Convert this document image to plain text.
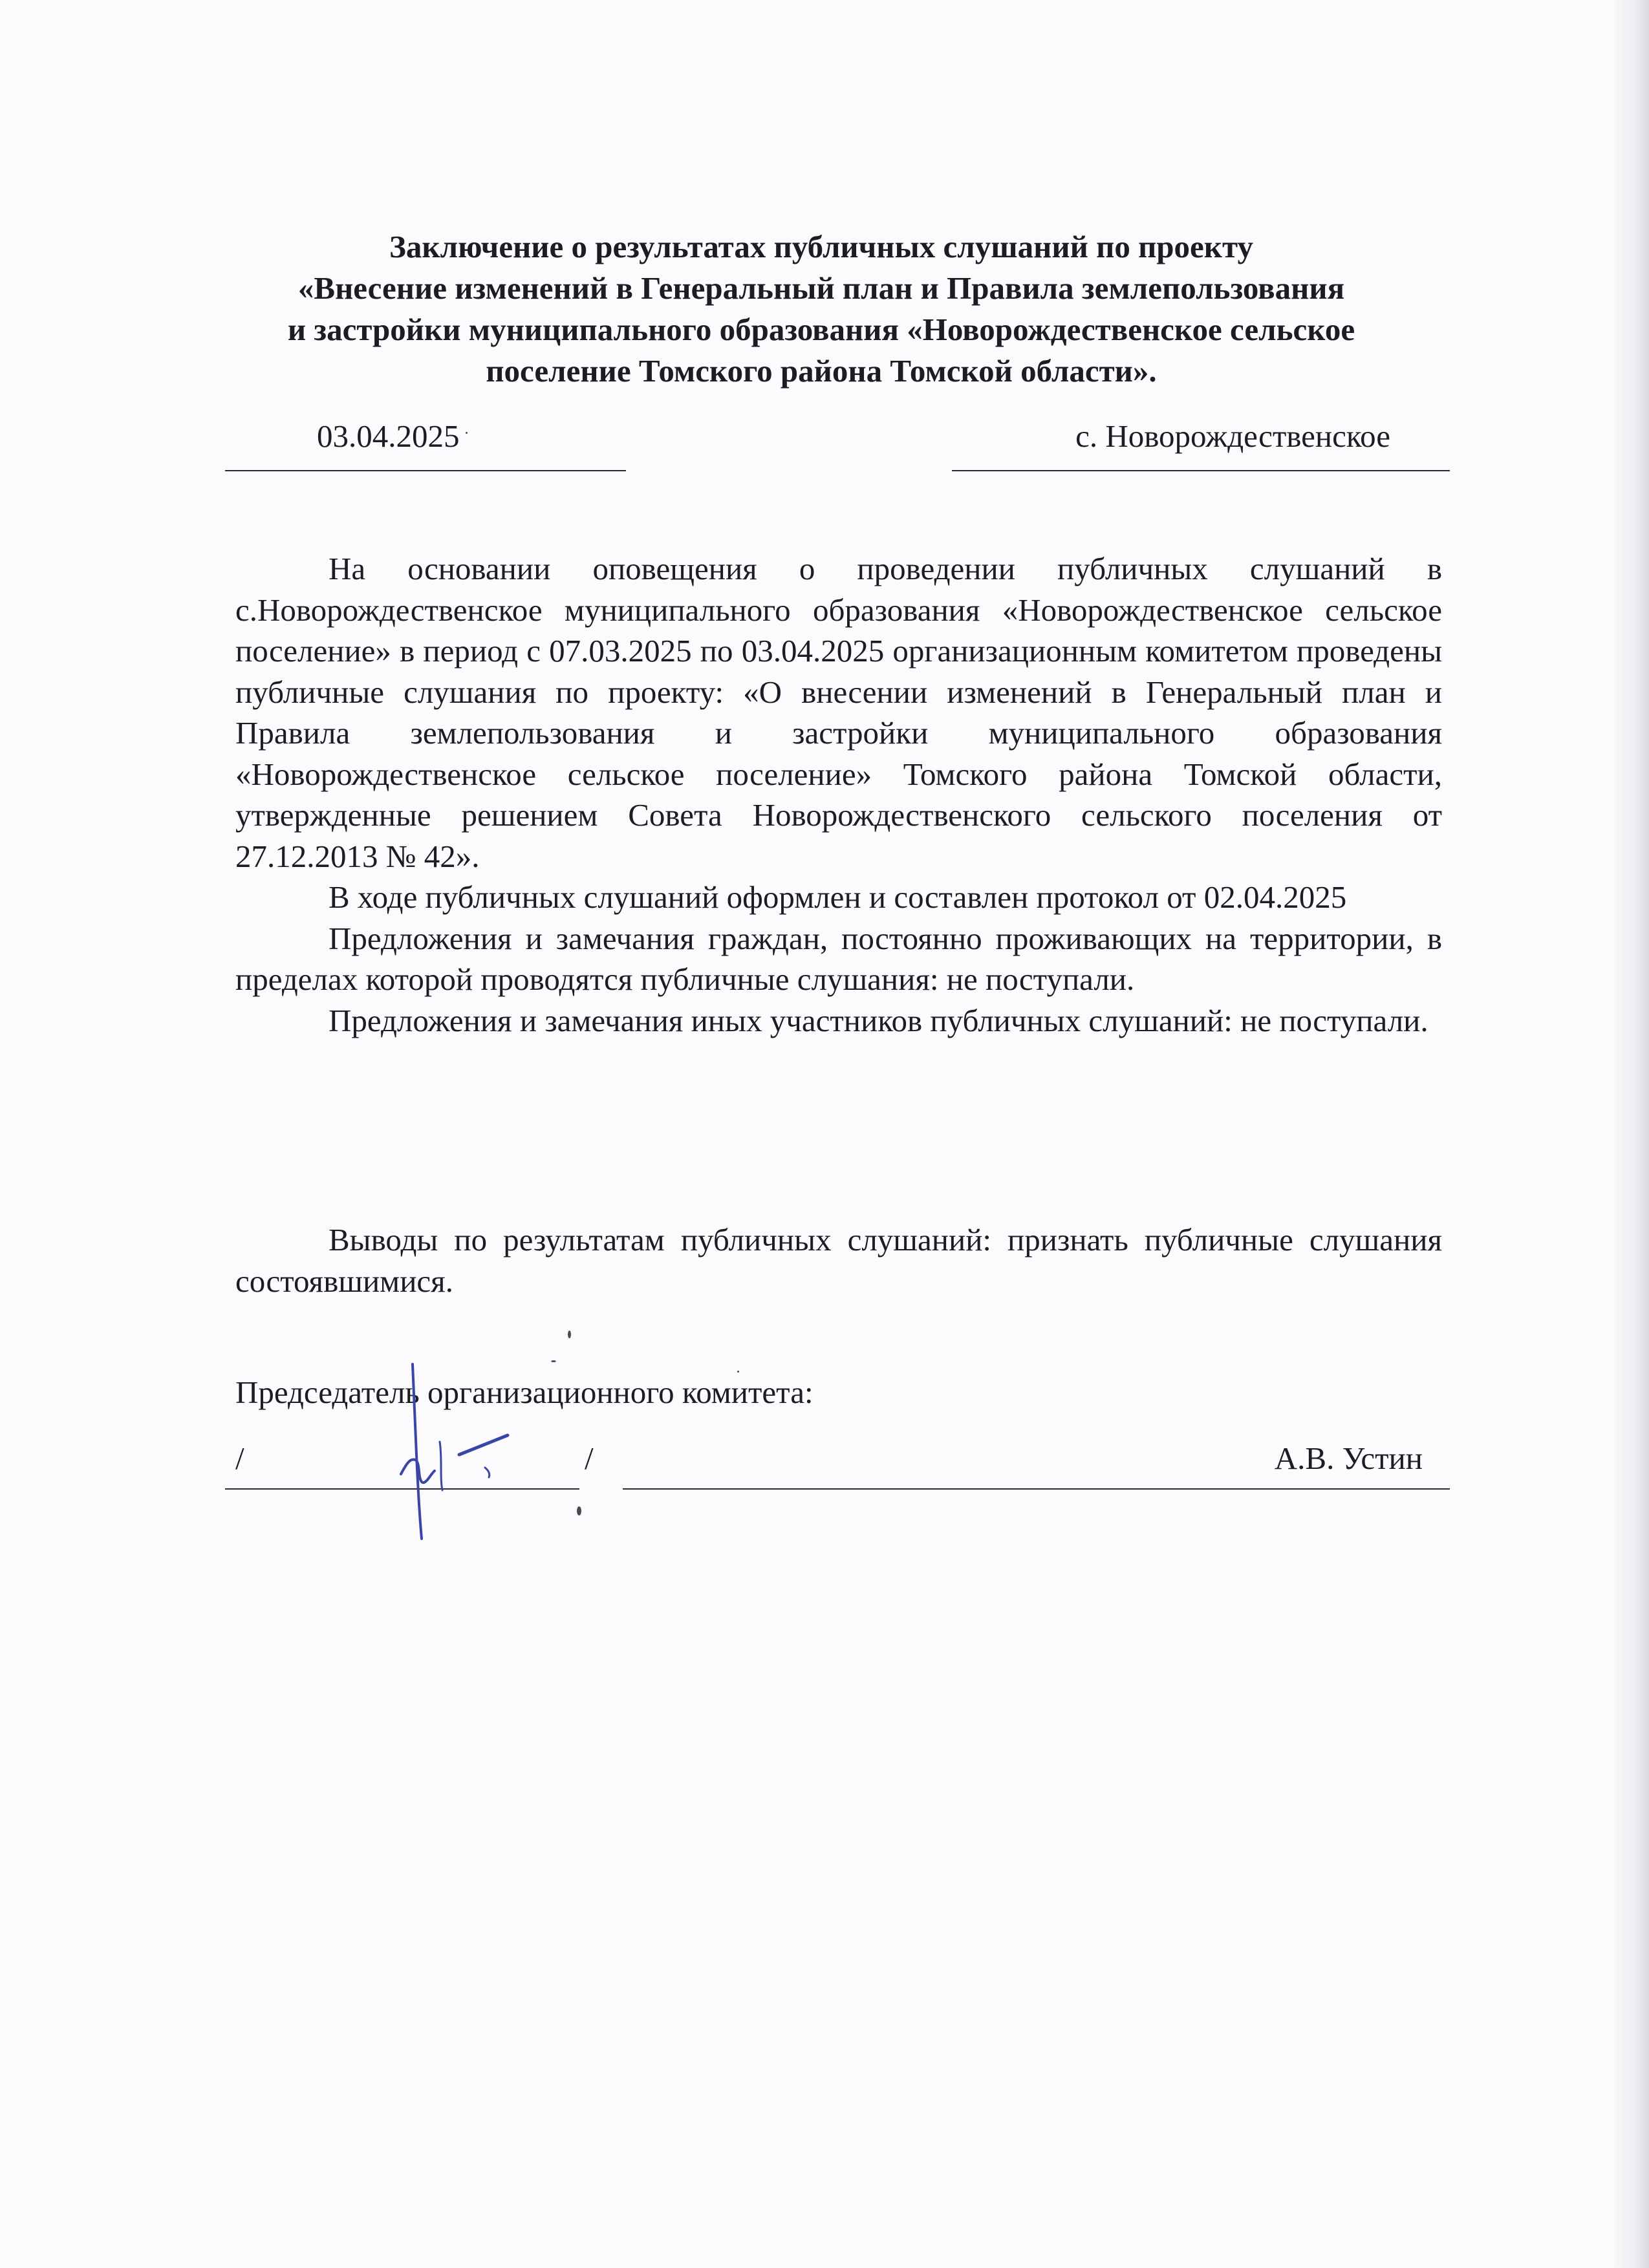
Заключение о результатах публичных слушаний по проекту
«Внесение изменений в Генеральный план и Правила землепользования
и застройки муниципального образования «Новорождественское сельское
поселение Томского района Томской области».
03.04.2025	с. Новорождественское

На основании оповещения о проведении публичных слушаний в с.Новорождественское муниципального образования «Новорождественское сельское поселение» в период с 07.03.2025 по 03.04.2025 организационным комитетом проведены публичные слушания по проекту: «О внесении изменений в Генеральный план и Правила землепользования и застройки муниципального образования «Новорождественское сельское поселение» Томского района Томской области, утвержденные решением Совета Новорождественского сельского поселения от 27.12.2013 № 42».

В ходе публичных слушаний оформлен и составлен протокол от 02.04.2025

Предложения и замечания граждан, постоянно проживающих на территории, в пределах которой проводятся публичные слушания: не поступали.

Предложения и замечания иных участников публичных слушаний: не поступали.

Выводы по результатам публичных слушаний: признать публичные слушания состоявшимися.

Председатель организационного комитета:
/	/	А.В. Устин
